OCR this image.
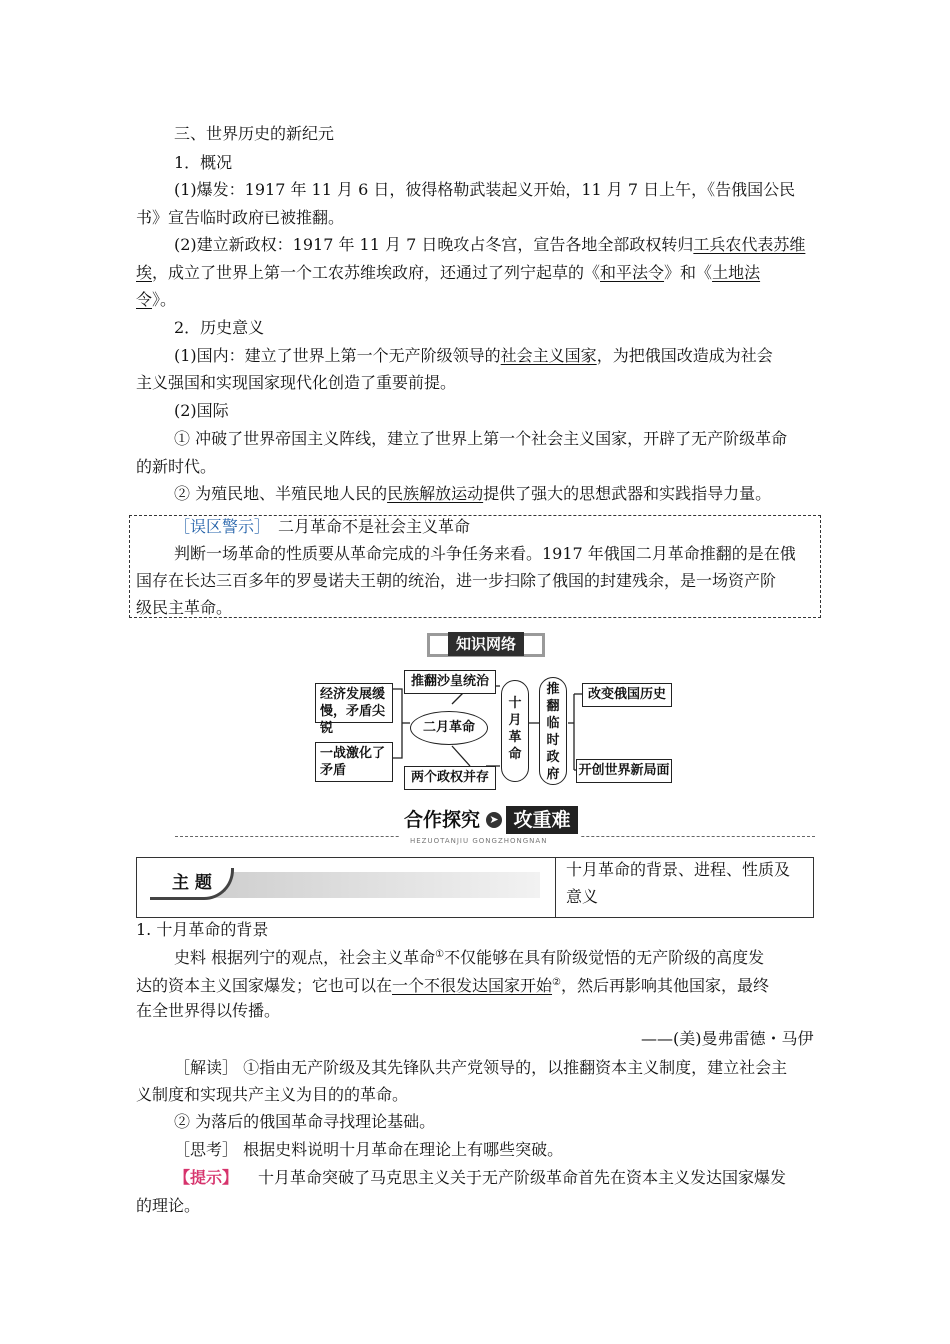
三、世界历史的新纪元
1．概况
(1)爆发：1917 年 11 月 6 日，彼得格勒武装起义开始，11 月 7 日上午，《告俄国公民
书》宣告临时政府已被推翻。
(2)建立新政权：1917 年 11 月 7 日晚攻占冬宫，宣告各地全部政权转归工兵农代表苏维
埃，成立了世界上第一个工农苏维埃政府，还通过了列宁起草的《和平法令》和《土地法
令》。
2．历史意义
(1)国内：建立了世界上第一个无产阶级领导的社会主义国家，为把俄国改造成为社会
主义强国和实现国家现代化创造了重要前提。
(2)国际
① 冲破了世界帝国主义阵线，建立了世界上第一个社会主义国家，开辟了无产阶级革命
的新时代。
② 为殖民地、半殖民地人民的民族解放运动提供了强大的思想武器和实践指导力量。
［误区警示］ 二月革命不是社会主义革命
判断一场革命的性质要从革命完成的斗争任务来看。1917 年俄国二月革命推翻的是在俄
国存在长达三百多年的罗曼诺夫王朝的统治，进一步扫除了俄国的封建残余，是一场资产阶
级民主革命。
知识网络
经济发展缓
慢，矛盾尖锐
一战激化了
矛盾
推翻沙皇统治
二月革命
两个政权并存
十
月
革
命
推
翻
临
时
政
府
改变俄国历史
开创世界新局面
合作探究 ➤ 攻重难
HEZUOTANJIU GONGZHONGNAN
主 题
十月革命的背景、进程、性质及
意义
1. 十月革命的背景
史料 根据列宁的观点，社会主义革命①不仅能够在具有阶级觉悟的无产阶级的高度发
达的资本主义国家爆发；它也可以在一个不很发达国家开始②，然后再影响其他国家，最终
在全世界得以传播。
——(美)曼弗雷德・马伊
［解读］ ①指由无产阶级及其先锋队共产党领导的，以推翻资本主义制度，建立社会主
义制度和实现共产主义为目的的革命。
② 为落后的俄国革命寻找理论基础。
［思考］ 根据史料说明十月革命在理论上有哪些突破。
【提示】 十月革命突破了马克思主义关于无产阶级革命首先在资本主义发达国家爆发
的理论。
